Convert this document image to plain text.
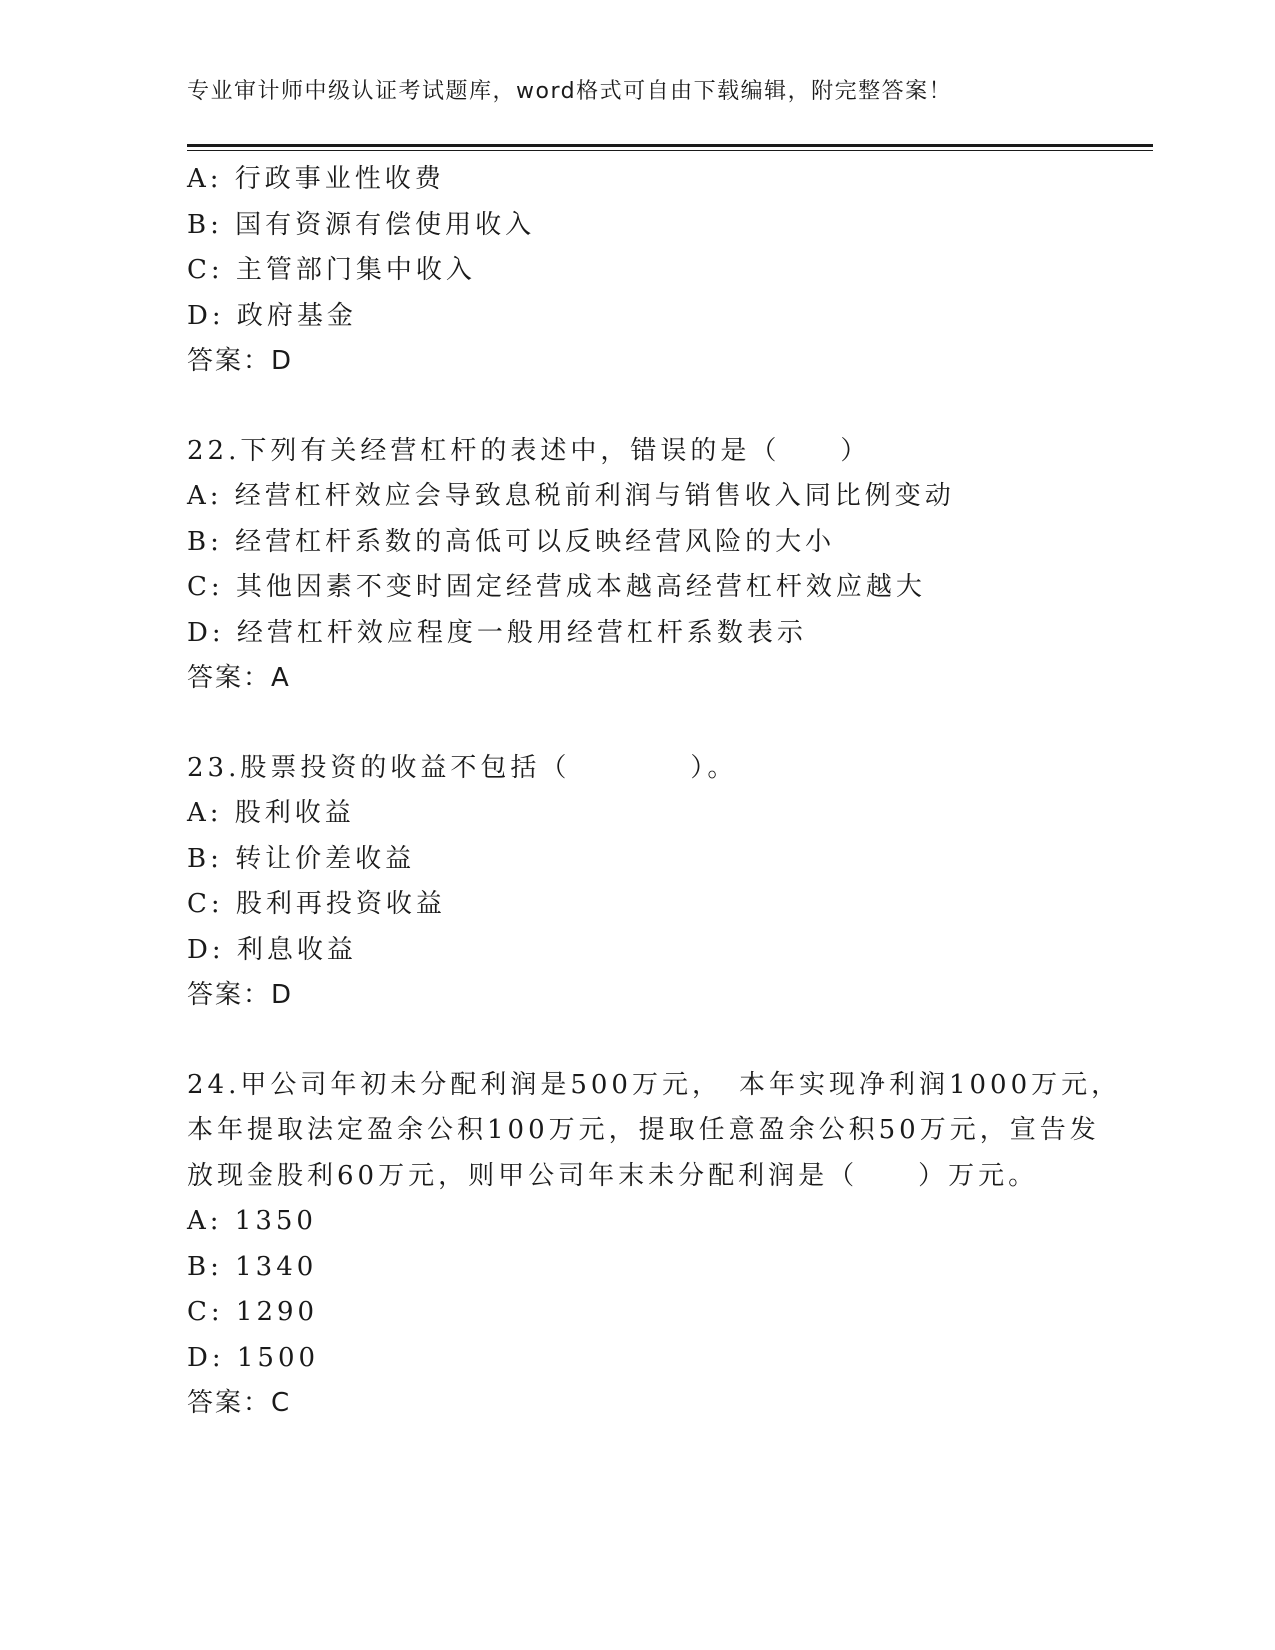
专业审计师中级认证考试题库，word格式可自由下载编辑，附完整答案！
A: 行政事业性收费
B: 国有资源有偿使用收入
C: 主管部门集中收入
D: 政府基金
答案：D
22.下列有关经营杠杆的表述中，错误的是（　　）
A: 经营杠杆效应会导致息税前利润与销售收入同比例变动
B: 经营杠杆系数的高低可以反映经营风险的大小
C: 其他因素不变时固定经营成本越高经营杠杆效应越大
D: 经营杠杆效应程度一般用经营杠杆系数表示
答案：A
23.股票投资的收益不包括（　　　　）。
A: 股利收益
B: 转让价差收益
C: 股利再投资收益
D: 利息收益
答案：D
24.甲公司年初未分配利润是500万元，　本年实现净利润1000万元，
本年提取法定盈余公积100万元，提取任意盈余公积50万元，宣告发
放现金股利60万元，则甲公司年末未分配利润是（　　）万元。
A: 1350
B: 1340
C: 1290
D: 1500
答案：C
